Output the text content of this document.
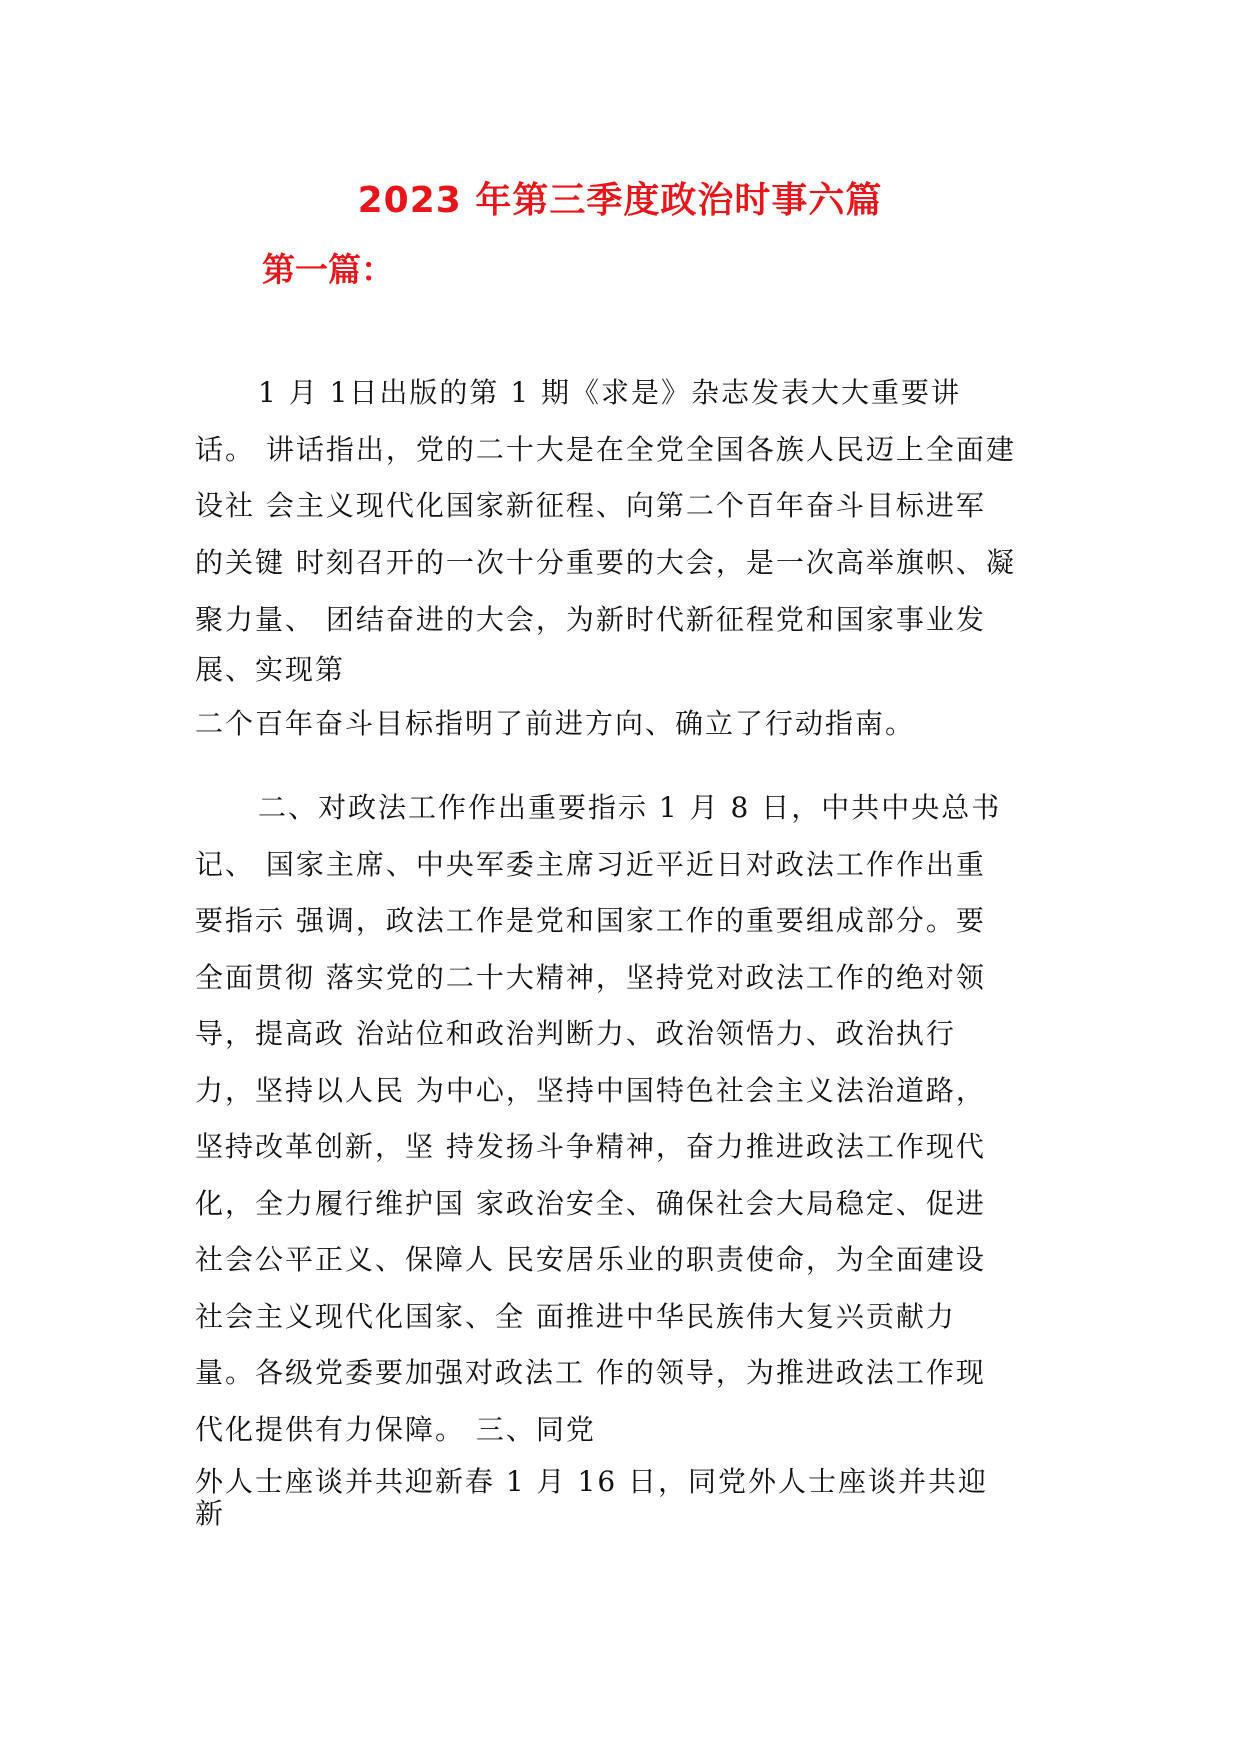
2023 年第三季度政治时事六篇
第一篇：
1 月 1日出版的第 1 期《求是》杂志发表大大重要讲
话。 讲话指出，党的二十大是在全党全国各族人民迈上全面建
设社 会主义现代化国家新征程、向第二个百年奋斗目标进军
的关键 时刻召开的一次十分重要的大会，是一次高举旗帜、凝
聚力量、 团结奋进的大会，为新时代新征程党和国家事业发
展、实现第
二个百年奋斗目标指明了前进方向、确立了行动指南。
二、对政法工作作出重要指示 1 月 8 日，中共中央总书
记、 国家主席、中央军委主席习近平近日对政法工作作出重
要指示 强调，政法工作是党和国家工作的重要组成部分。要
全面贯彻 落实党的二十大精神，坚持党对政法工作的绝对领
导，提高政 治站位和政治判断力、政治领悟力、政治执行
力，坚持以人民 为中心，坚持中国特色社会主义法治道路，
坚持改革创新，坚 持发扬斗争精神，奋力推进政法工作现代
化，全力履行维护国 家政治安全、确保社会大局稳定、促进
社会公平正义、保障人 民安居乐业的职责使命，为全面建设
社会主义现代化国家、全 面推进中华民族伟大复兴贡献力
量。各级党委要加强对政法工 作的领导，为推进政法工作现
代化提供有力保障。 三、同党
外人士座谈并共迎新春 1 月 16 日，同党外人士座谈并共迎
新
